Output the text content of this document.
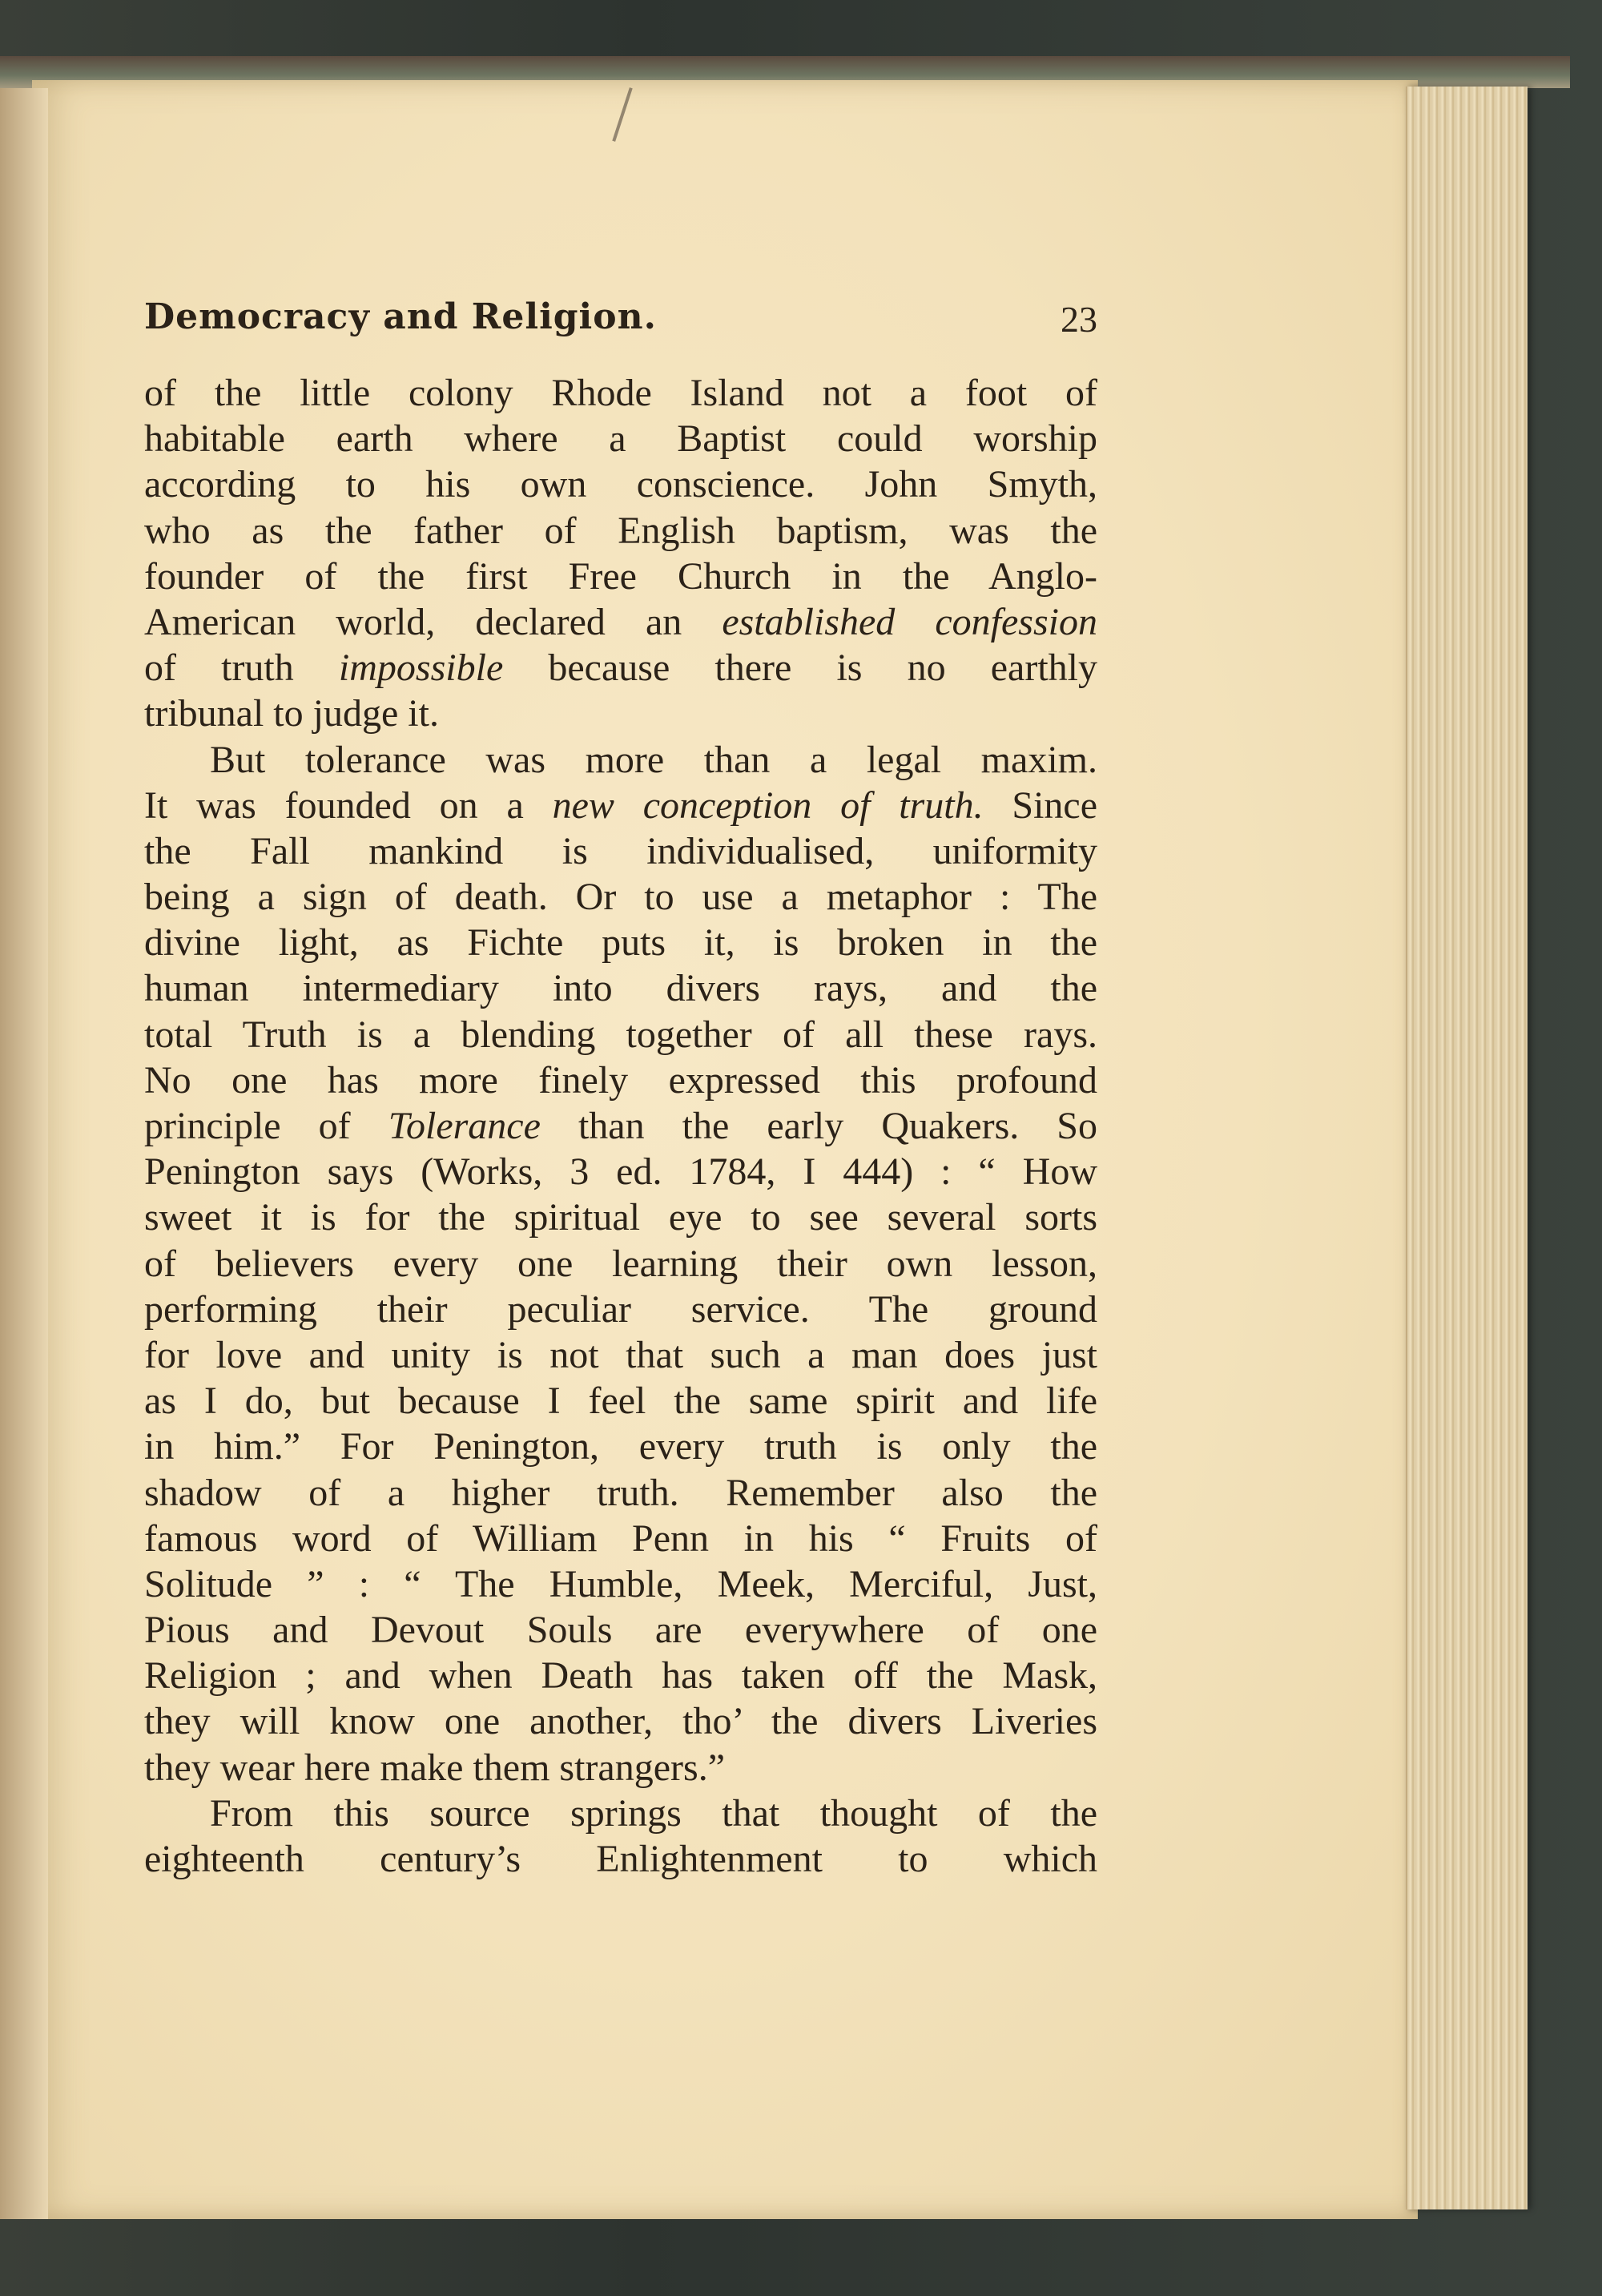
Democracy and Religion.	23
of the little colony Rhode Island not a foot of
habitable earth where a Baptist could worship
according to his own conscience. John Smyth,
who as the father of English baptism, was the
founder of the first Free Church in the Anglo-
American world, declared an established confession
of truth impossible because there is no earthly
tribunal to judge it.
But tolerance was more than a legal maxim.
It was founded on a new conception of truth. Since
the Fall mankind is individualised, uniformity
being a sign of death. Or to use a metaphor : The
divine light, as Fichte puts it, is broken in the
human intermediary into divers rays, and the
total Truth is a blending together of all these rays.
No one has more finely expressed this profound
principle of Tolerance than the early Quakers. So
Penington says (Works, 3 ed. 1784, I 444) : “ How
sweet it is for the spiritual eye to see several sorts
of believers every one learning their own lesson,
performing their peculiar service. The ground
for love and unity is not that such a man does just
as I do, but because I feel the same spirit and life
in him.” For Penington, every truth is only the
shadow of a higher truth. Remember also the
famous word of William Penn in his “ Fruits of
Solitude ” : “ The Humble, Meek, Merciful, Just,
Pious and Devout Souls are everywhere of one
Religion ; and when Death has taken off the Mask,
they will know one another, tho’ the divers Liveries
they wear here make them strangers.”
From this source springs that thought of the
eighteenth century’s Enlightenment to which
